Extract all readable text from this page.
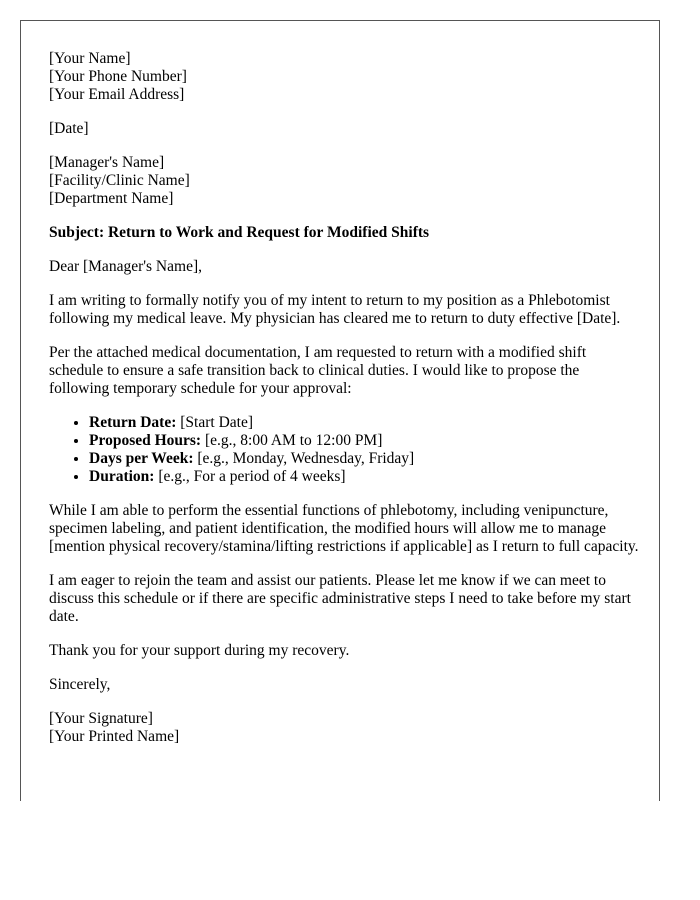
[Your Name]
[Your Phone Number]
[Your Email Address]
[Date]
[Manager's Name]
[Facility/Clinic Name]
[Department Name]
Subject: Return to Work and Request for Modified Shifts

Dear [Manager's Name],

I am writing to formally notify you of my intent to return to my position as a Phlebotomist following my medical leave. My physician has cleared me to return to duty effective [Date].

Per the attached medical documentation, I am requested to return with a modified shift schedule to ensure a safe transition back to clinical duties. I would like to propose the following temporary schedule for your approval:

• Return Date: [Start Date]
• Proposed Hours: [e.g., 8:00 AM to 12:00 PM]
• Days per Week: [e.g., Monday, Wednesday, Friday]
• Duration: [e.g., For a period of 4 weeks]

While I am able to perform the essential functions of phlebotomy, including venipuncture, specimen labeling, and patient identification, the modified hours will allow me to manage [mention physical recovery/stamina/lifting restrictions if applicable] as I return to full capacity.

I am eager to rejoin the team and assist our patients. Please let me know if we can meet to discuss this schedule or if there are specific administrative steps I need to take before my start date.

Thank you for your support during my recovery.

Sincerely,

[Your Signature]
[Your Printed Name]
